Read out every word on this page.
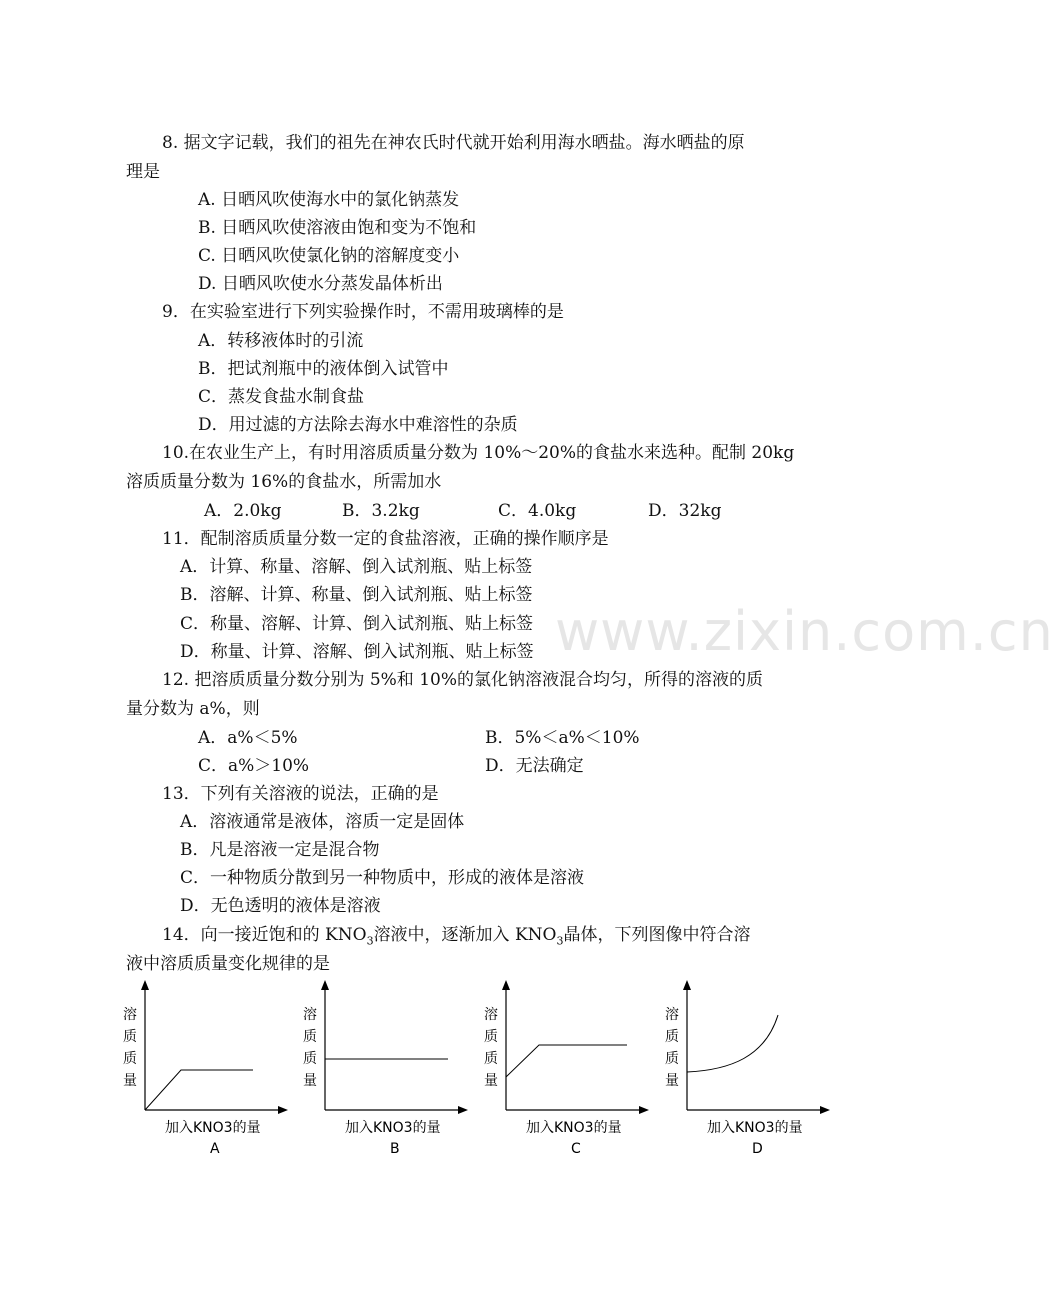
www.zixin.com.cn
8. 据文字记载，我们的祖先在神农氏时代就开始利用海水晒盐。海水晒盐的原
理是
A. 日晒风吹使海水中的氯化钠蒸发
B. 日晒风吹使溶液由饱和变为不饱和
C. 日晒风吹使氯化钠的溶解度变小
D. 日晒风吹使水分蒸发晶体析出
9．在实验室进行下列实验操作时，不需用玻璃棒的是
A．转移液体时的引流
B．把试剂瓶中的液体倒入试管中
C．蒸发食盐水制食盐
D．用过滤的方法除去海水中难溶性的杂质
10.在农业生产上，有时用溶质质量分数为 10%～20%的食盐水来选种。配制 20kg
溶质质量分数为 16%的食盐水，所需加水
A．2.0kg	B．3.2kg	C．4.0kg	D．32kg
11．配制溶质质量分数一定的食盐溶液，正确的操作顺序是
A．计算、称量、溶解、倒入试剂瓶、贴上标签
B．溶解、计算、称量、倒入试剂瓶、贴上标签
C．称量、溶解、计算、倒入试剂瓶、贴上标签
D．称量、计算、溶解、倒入试剂瓶、贴上标签
12. 把溶质质量分数分别为 5%和 10%的氯化钠溶液混合均匀，所得的溶液的质
量分数为 a%，则
A．a%＜5%	B．5%＜a%＜10%
C．a%＞10%	D．无法确定
13．下列有关溶液的说法，正确的是
A．溶液通常是液体，溶质一定是固体
B．凡是溶液一定是混合物
C．一种物质分散到另一种物质中，形成的液体是溶液
D．无色透明的液体是溶液
14．向一接近饱和的 $KNO_3$溶液中，逐渐加入 $KNO_3$晶体，下列图像中符合溶
液中溶质质量变化规律的是
溶
质
质
量
加入KNO3的量
A
溶
质
质
量
加入KNO3的量
B
溶
质
质
量
加入KNO3的量
C
溶
质
质
量
加入KNO3的量
D
